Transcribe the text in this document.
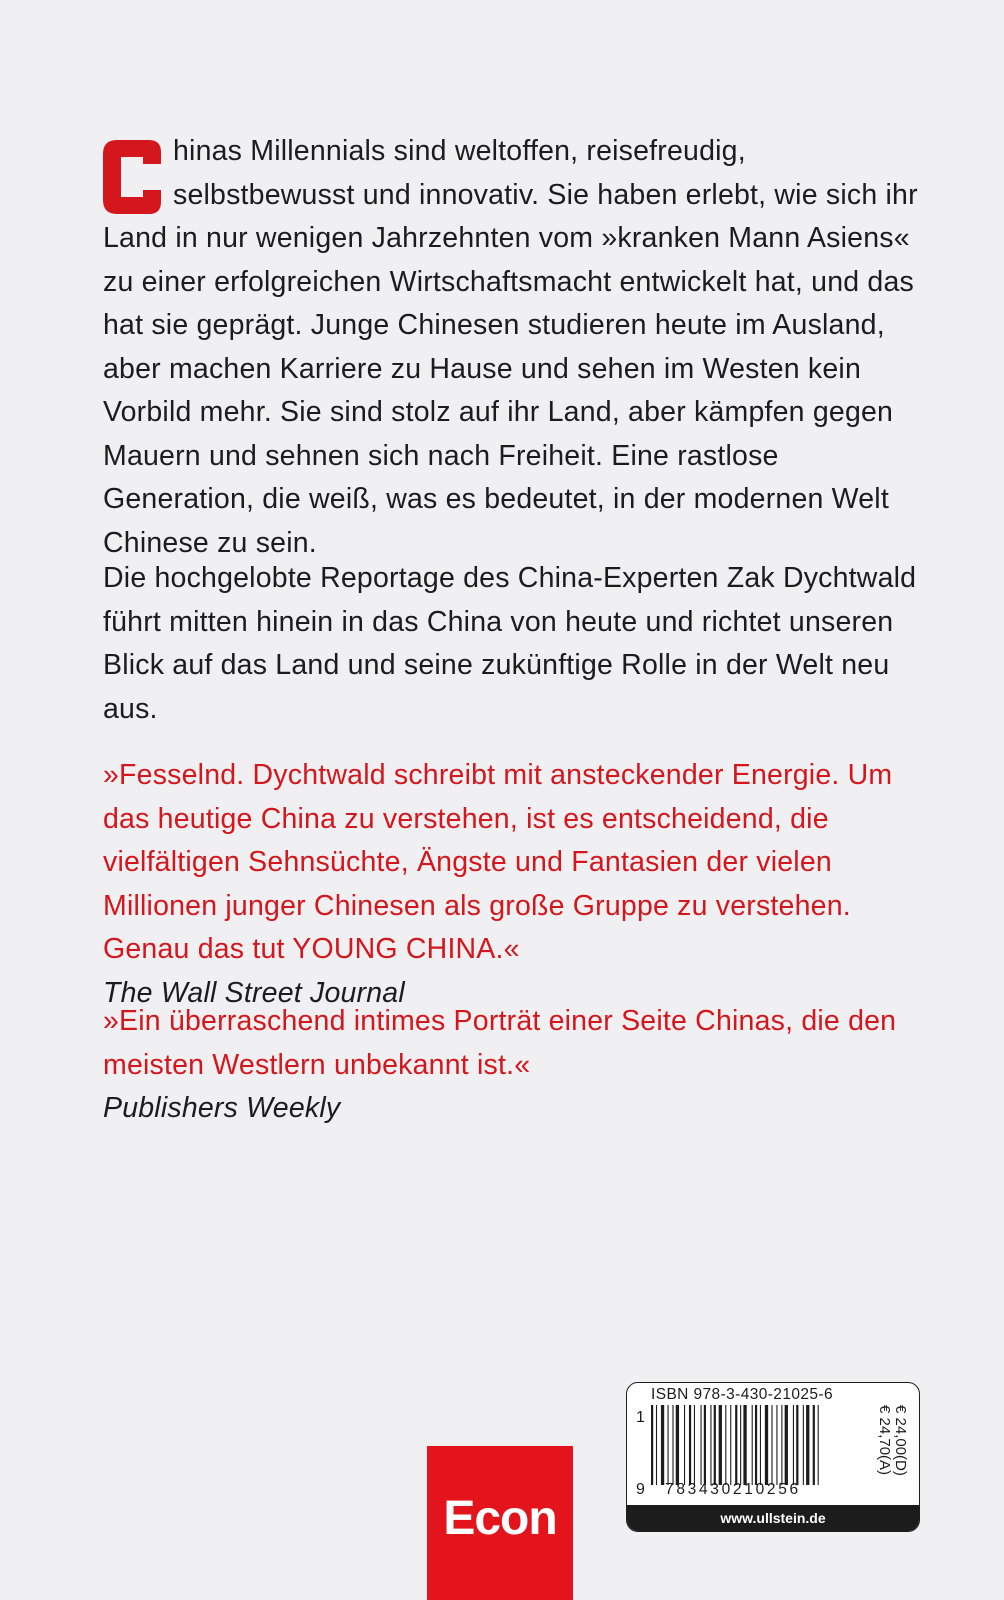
hinas Millennials sind weltoffen, reisefreudig, selbstbewusst und innovativ. Sie haben erlebt, wie sich ihr Land in nur wenigen Jahrzehnten vom »kranken Mann Asiens« zu einer erfolgreichen Wirtschaftsmacht entwickelt hat, und das hat sie geprägt. Junge Chinesen studieren heute im Ausland, aber machen Karriere zu Hause und sehen im Westen kein Vorbild mehr. Sie sind stolz auf ihr Land, aber kämpfen gegen Mauern und sehnen sich nach Freiheit. Eine rastlose Generation, die weiß, was es bedeutet, in der modernen Welt Chinese zu sein.

Die hochgelobte Reportage des China-Experten Zak Dychtwald führt mitten hinein in das China von heute und richtet unseren Blick auf das Land und seine zukünftige Rolle in der Welt neu aus.

»Fesselnd. Dychtwald schreibt mit ansteckender Energie. Um das heutige China zu verstehen, ist es entscheidend, die vielfältigen Sehnsüchte, Ängste und Fantasien der vielen Millionen junger Chinesen als große Gruppe zu verstehen. Genau das tut YOUNG CHINA.«
The Wall Street Journal
»Ein überraschend intimes Porträt einer Seite Chinas, die den meisten Westlern unbekannt ist.«
Publishers Weekly
Econ
ISBN 978-3-430-21025-6
1
9 783430210256
€ 24,00(D)
€ 24,70(A)
www.ullstein.de
